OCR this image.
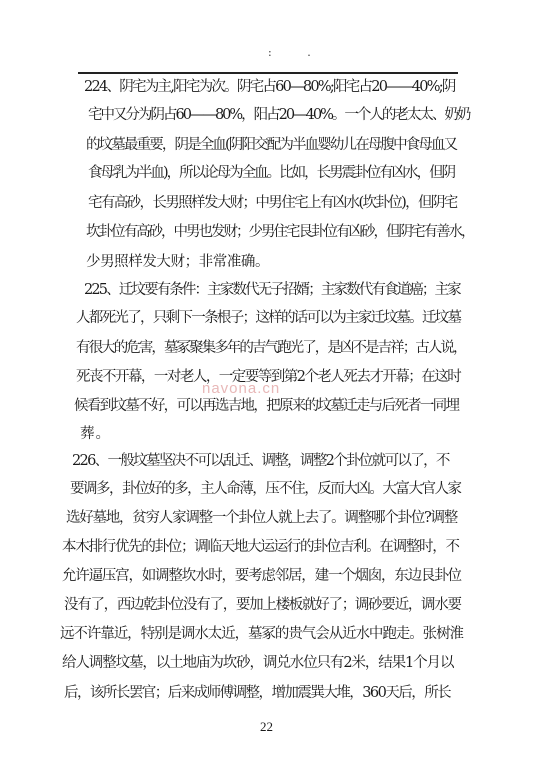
: .
224、阴宅为主,阳宅为次。阴宅占60—80%;阳宅占20——40%;阴
宅中又分为阴占60——80%，阳占20—40%。一个人的老太太、奶奶
的坟墓最重要，阴是全血(阴阳交配为半血婴幼儿在母腹中食母血又
食母乳为半血)，所以论母为全血。比如，长男震卦位有凶水，但阴
宅有高砂，长男照样发大财；中男住宅上有凶水(坎卦位)，但阴宅
坎卦位有高砂，中男也发财；少男住宅艮卦位有凶砂，但阴宅有善水，
少男照样发大财；非常准确。
225、迁坟要有条件：主家数代无子招婿；主家数代有食道癌；主家
人都死光了，只剩下一条根子；这样的话可以为主家迁坟墓。迁坟墓
有很大的危害，墓冢聚集多年的吉气跑光了，是凶不是吉祥；古人说，
死丧不开幕，一对老人，一定要等到第2个老人死去才开幕；在这时
候看到坟墓不好，可以再选吉地，把原来的坟墓迁走与后死者一同埋
葬。
226、一般坟墓坚决不可以乱迁、调整，调整2个卦位就可以了，不
要调多，卦位好的多，主人命薄，压不住，反而大凶。大富大官人家
选好墓地，贫穷人家调整一个卦位人就上去了。调整哪个卦位?调整
本木排行优先的卦位；调临天地大运运行的卦位吉利。在调整时，不
允许逼压宫，如调整坎水时，要考虑邻居，建一个烟囱，东边艮卦位
没有了，西边乾卦位没有了，要加上楼板就好了；调砂要近，调水要
远不许靠近，特别是调水太近，墓冢的贵气会从近水中跑走。张树淮
给人调整坟墓，以土地庙为坎砂，调兑水位只有2米，结果1个月以
后，该所长罢官；后来成师傅调整，增加震巽大堆，360天后，所长
navona.cn
22
